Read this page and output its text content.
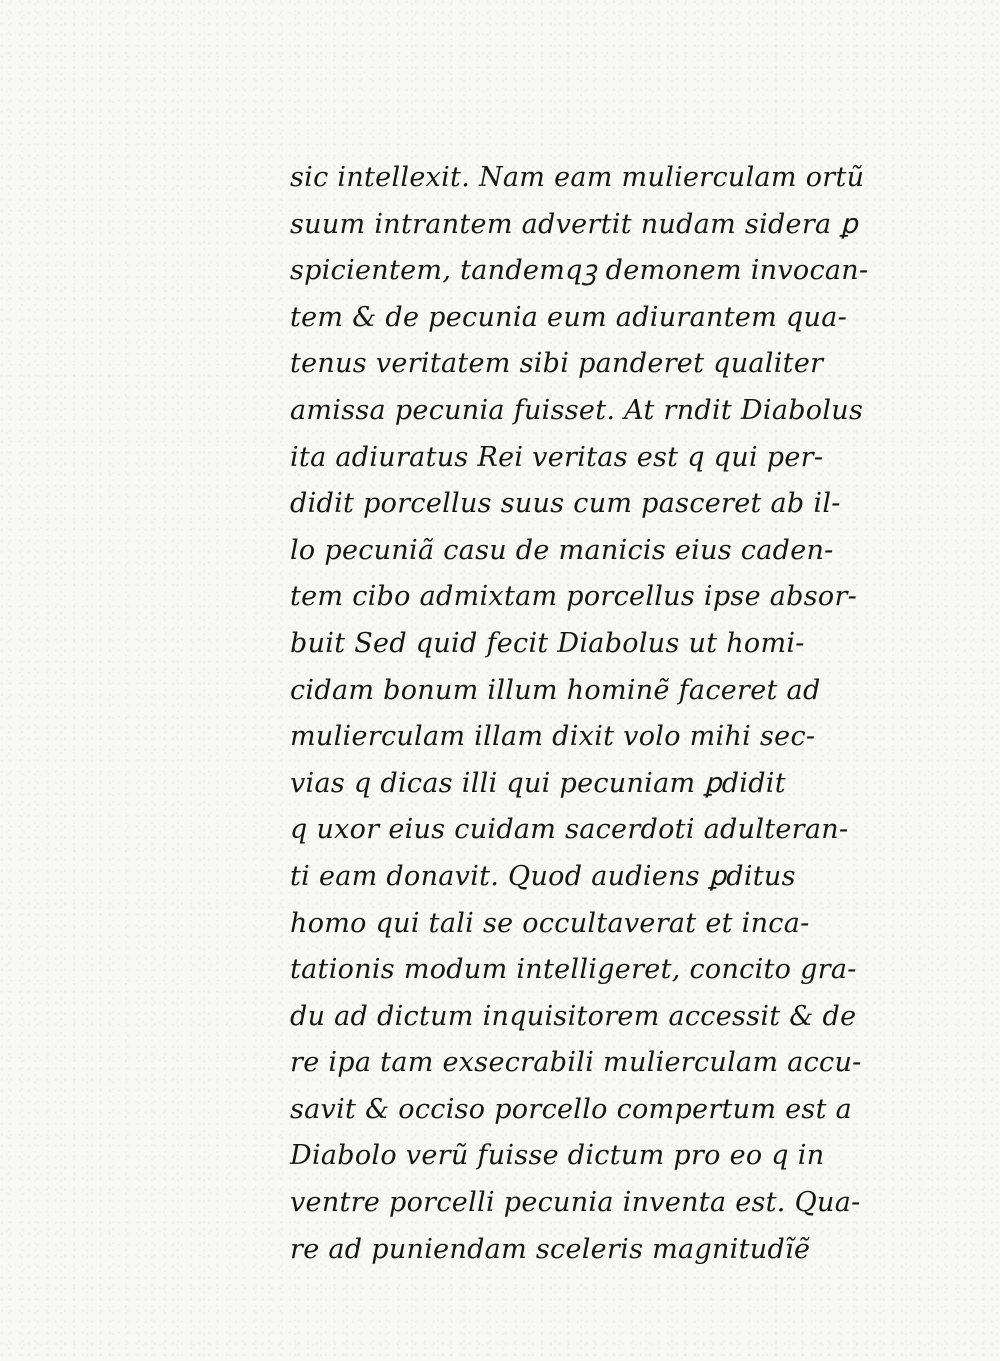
sic intellexit. Nam eam mulierculam ortũ
suum intrantem advertit nudam sidera ꝑ
spicientem, tandemqꝫ demonem invocan-
tem & de pecunia eum adiurantem qua-
tenus veritatem sibi panderet qualiter
amissa pecunia fuisset. At rndit Diabolus
ita adiuratus Rei veritas est q qui per-
didit porcellus suus cum pasceret ab il-
lo pecuniã casu de manicis eius caden-
tem cibo admixtam porcellus ipse absor-
buit Sed quid fecit Diabolus ut homi-
cidam bonum illum hominẽ faceret ad
mulierculam illam dixit volo mihi sec-
vias q dicas illi qui pecuniam ꝑdidit
q uxor eius cuidam sacerdoti adulteran-
ti eam donavit. Quod audiens ꝑditus
homo qui tali se occultaverat et inca-
tationis modum intelligeret, concito gra-
du ad dictum inquisitorem accessit & de
re ipa tam exsecrabili mulierculam accu-
savit & occiso porcello compertum est a
Diabolo verũ fuisse dictum pro eo q in
ventre porcelli pecunia inventa est. Qua-
re ad puniendam sceleris magnitudĩẽ
